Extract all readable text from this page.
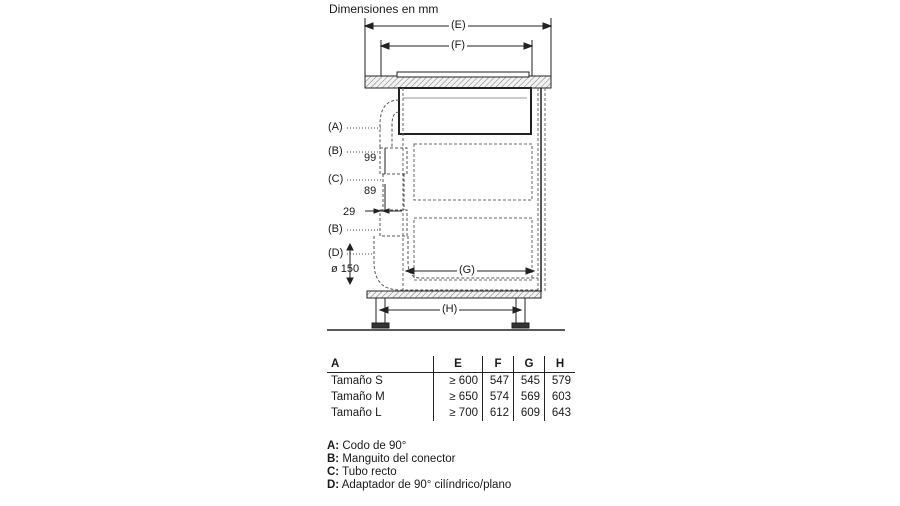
Dimensiones en mm
(E)
(F)
(G)
(H)
(A)
(B)
99
(C)
89
29
(B)
(D)
ø 150
A	E	F	G	H
Tamaño S	≥ 600	547	545	579
Tamaño M	≥ 650	574	569	603
Tamaño L	≥ 700	612	609	643
A: Codo de 90°
B: Manguito del conector
C: Tubo recto
D: Adaptador de 90° cilíndrico/plano
